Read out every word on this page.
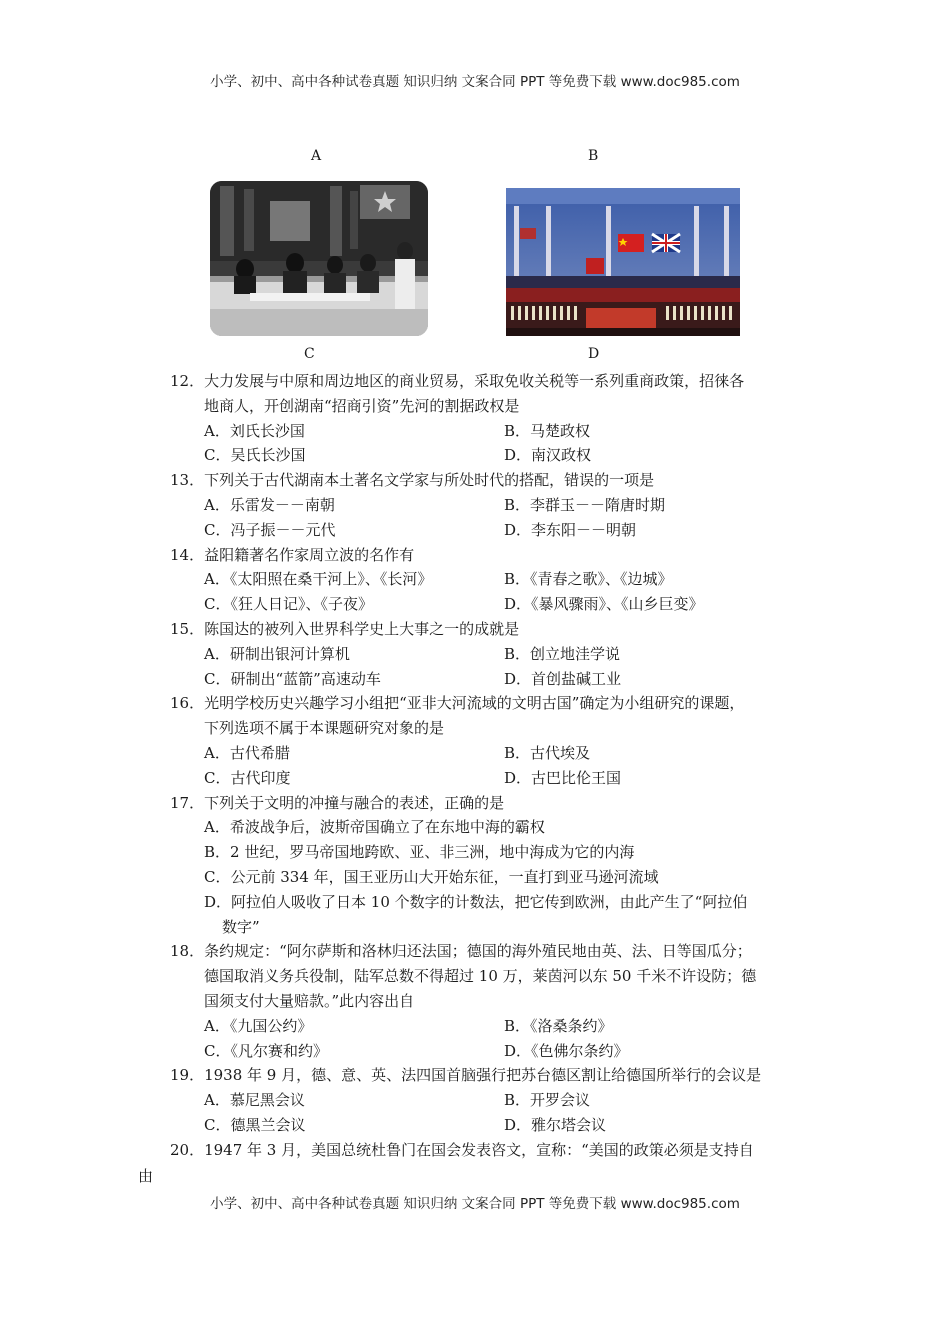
小学、初中、高中各种试卷真题 知识归纳 文案合同 PPT 等免费下载 www.doc985.com
A	B
C	D
12．大力发展与中原和周边地区的商业贸易，采取免收关税等一系列重商政策，招徕各
地商人，开创湖南“招商引资”先河的割据政权是
A．刘氏长沙国	B．马楚政权
C．吴氏长沙国	D．南汉政权
13．下列关于古代湖南本土著名文学家与所处时代的搭配，错误的一项是
A．乐雷发－－南朝	B．李群玉－－隋唐时期
C．冯子振－－元代	D．李东阳－－明朝
14．益阳籍著名作家周立波的名作有
A．《太阳照在桑干河上》、《长河》	B．《青春之歌》、《边城》
C．《狂人日记》、《子夜》	D．《暴风骤雨》、《山乡巨变》
15．陈国达的被列入世界科学史上大事之一的成就是
A．研制出银河计算机	B．创立地洼学说
C．研制出“蓝箭”高速动车	D．首创盐碱工业
16．光明学校历史兴趣学习小组把“亚非大河流域的文明古国”确定为小组研究的课题，
下列选项不属于本课题研究对象的是
A．古代希腊	B．古代埃及
C．古代印度	D．古巴比伦王国
17．下列关于文明的冲撞与融合的表述，正确的是
A．希波战争后，波斯帝国确立了在东地中海的霸权
B．2 世纪，罗马帝国地跨欧、亚、非三洲，地中海成为它的内海
C．公元前 334 年，国王亚历山大开始东征，一直打到亚马逊河流域
D．阿拉伯人吸收了日本 10 个数字的计数法，把它传到欧洲，由此产生了“阿拉伯
数字”
18．条约规定：“阿尔萨斯和洛林归还法国；德国的海外殖民地由英、法、日等国瓜分；
德国取消义务兵役制，陆军总数不得超过 10 万，莱茵河以东 50 千米不许设防；德
国须支付大量赔款。”此内容出自
A．《九国公约》	B．《洛桑条约》
C．《凡尔赛和约》	D．《色佛尔条约》
19．1938 年 9 月，德、意、英、法四国首脑强行把苏台德区割让给德国所举行的会议是
A．慕尼黑会议	B．开罗会议
C．德黑兰会议	D．雅尔塔会议
20．1947 年 3 月，美国总统杜鲁门在国会发表咨文，宣称：“美国的政策必须是支持自
由
小学、初中、高中各种试卷真题 知识归纳 文案合同 PPT 等免费下载 www.doc985.com
